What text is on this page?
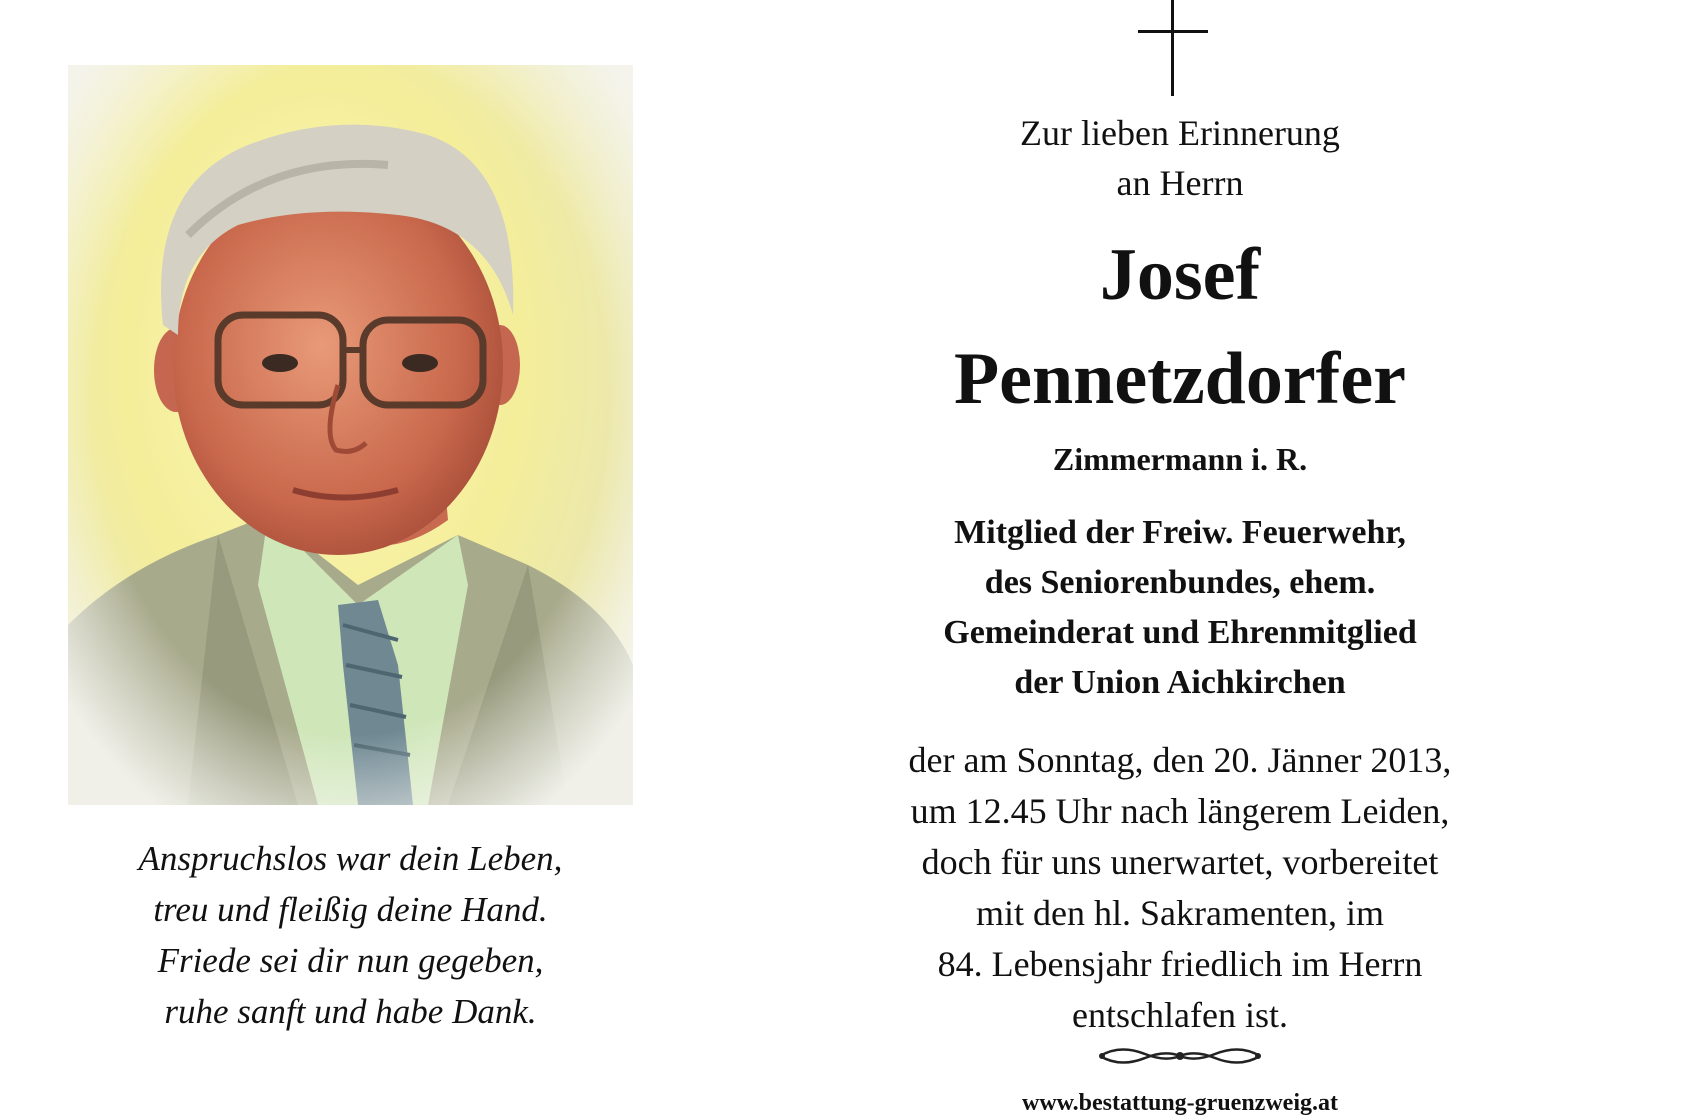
Anspruchslos war dein Leben,
treu und fleißig deine Hand.
Friede sei dir nun gegeben,
ruhe sanft und habe Dank.
Zur lieben Erinnerung
an Herrn
Josef
Pennetzdorfer
Zimmermann i. R.
Mitglied der Freiw. Feuerwehr,
des Seniorenbundes, ehem.
Gemeinderat und Ehrenmitglied
der Union Aichkirchen
der am Sonntag, den 20. Jänner 2013,
um 12.45 Uhr nach längerem Leiden,
doch für uns unerwartet, vorbereitet
mit den hl. Sakramenten, im
84. Lebensjahr friedlich im Herrn
entschlafen ist.
www.bestattung-gruenzweig.at
